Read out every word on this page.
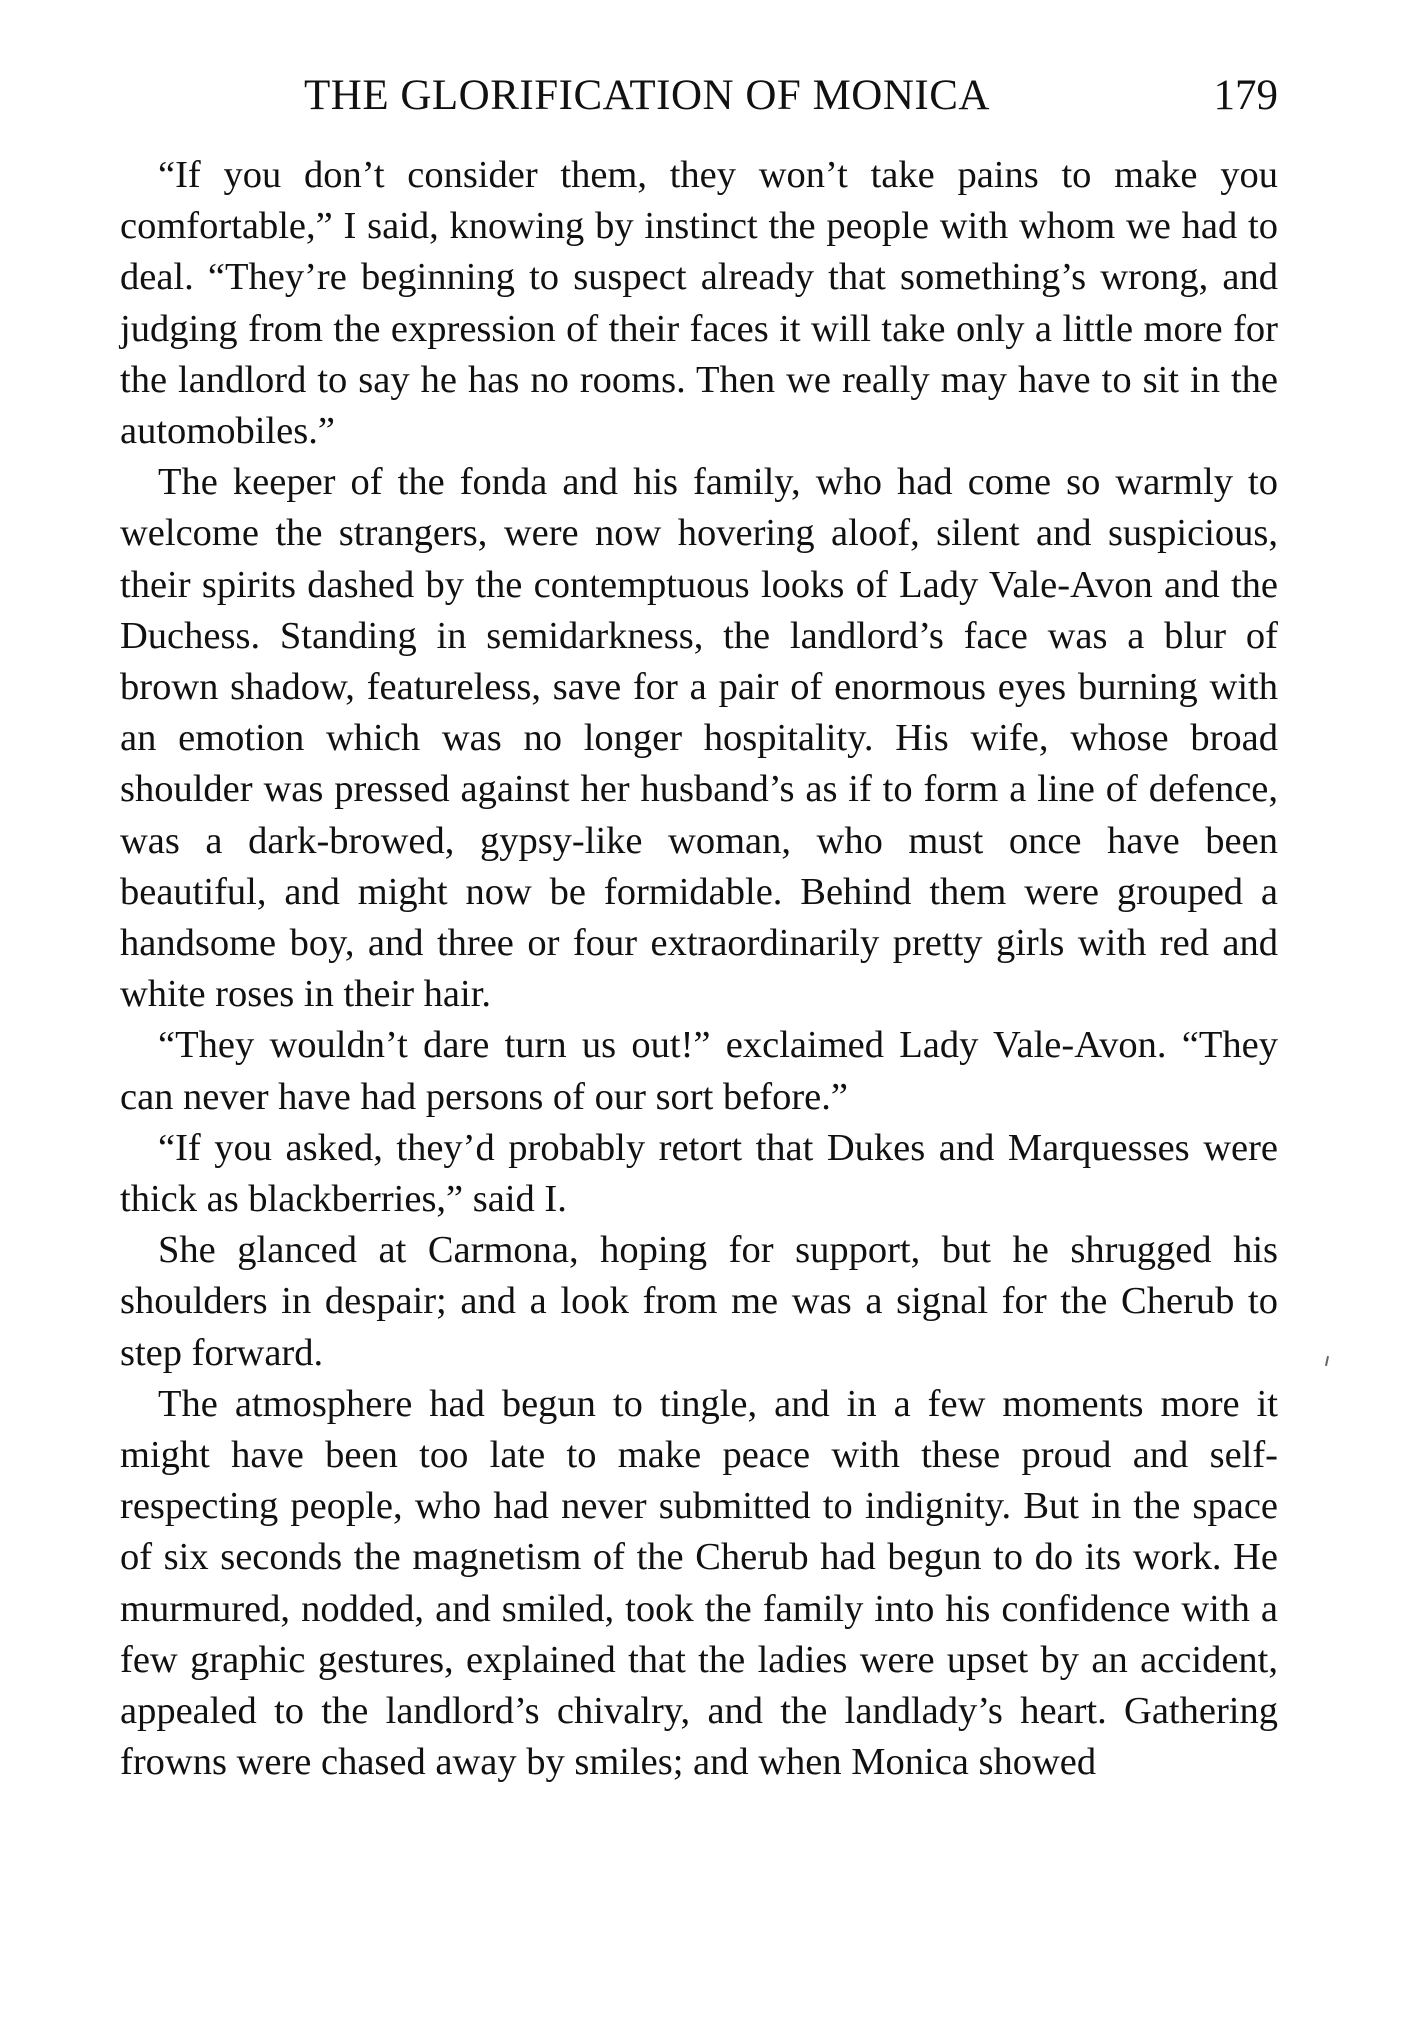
THE GLORIFICATION OF MONICA	179

“If you don’t consider them, they won’t take pains to make you comfortable,” I said, knowing by instinct the people with whom we had to deal. “They’re beginning to suspect already that something’s wrong, and judging from the expression of their faces it will take only a little more for the landlord to say he has no rooms. Then we really may have to sit in the automobiles.”

The keeper of the fonda and his family, who had come so warmly to welcome the strangers, were now hovering aloof, silent and suspicious, their spirits dashed by the contemptuous looks of Lady Vale-Avon and the Duchess. Standing in semidarkness, the landlord’s face was a blur of brown shadow, featureless, save for a pair of enormous eyes burning with an emotion which was no longer hospitality. His wife, whose broad shoulder was pressed against her husband’s as if to form a line of defence, was a dark-browed, gypsy-like woman, who must once have been beautiful, and might now be formidable. Behind them were grouped a handsome boy, and three or four extraordinarily pretty girls with red and white roses in their hair.

“They wouldn’t dare turn us out!” exclaimed Lady Vale-Avon. “They can never have had persons of our sort before.”

“If you asked, they’d probably retort that Dukes and Marquesses were thick as blackberries,” said I.

She glanced at Carmona, hoping for support, but he shrugged his shoulders in despair; and a look from me was a signal for the Cherub to step forward.

The atmosphere had begun to tingle, and in a few moments more it might have been too late to make peace with these proud and self-respecting people, who had never submitted to indignity. But in the space of six seconds the magnetism of the Cherub had begun to do its work. He murmured, nodded, and smiled, took the family into his confidence with a few graphic gestures, explained that the ladies were upset by an accident, appealed to the landlord’s chivalry, and the landlady’s heart. Gathering frowns were chased away by smiles; and when Monica showed
